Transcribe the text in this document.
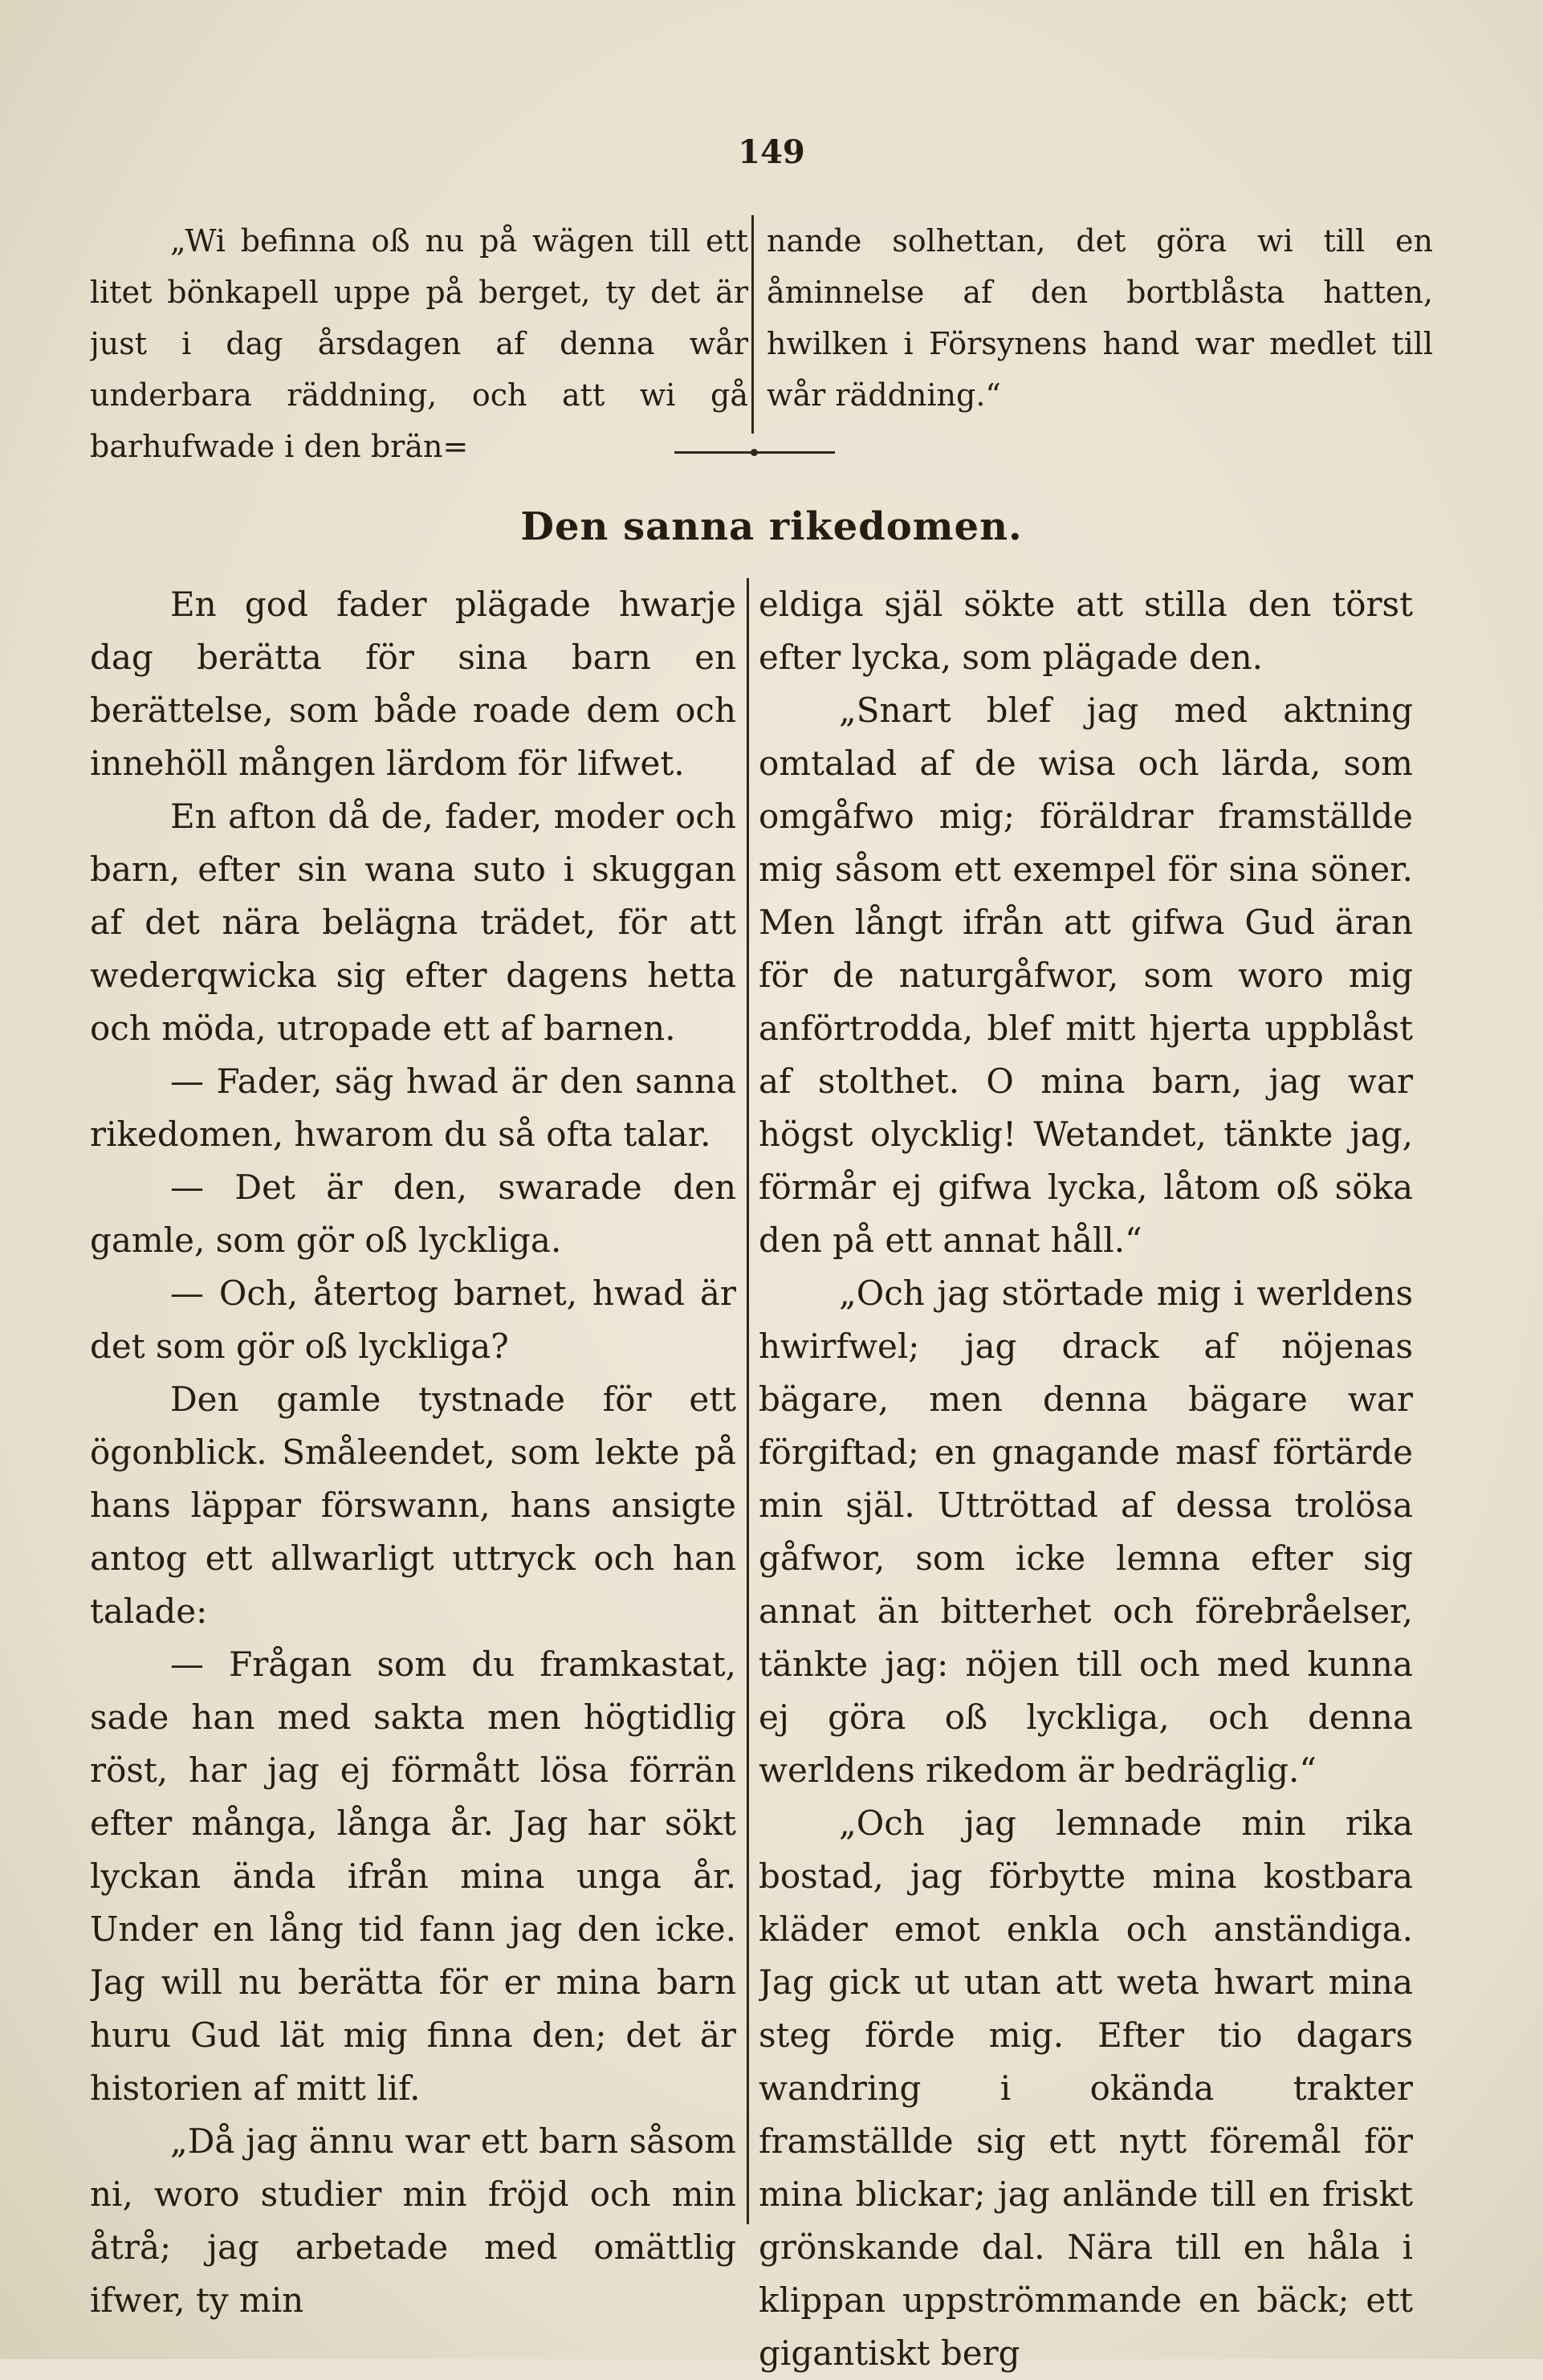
149

„Wi befinna oß nu på wägen till ett litet bönkapell uppe på berget, ty det är just i dag årsdagen af denna wår underbara räddning, och att wi gå barhufwade i den brän=

nande solhettan, det göra wi till en åminnelse af den bortblåsta hatten, hwilken i Försynens hand war medlet till wår räddning.“

Den sanna rikedomen.

En god fader plägade hwarje dag berätta för sina barn en berättelse, som både roade dem och innehöll mången lärdom för lifwet.

En afton då de, fader, moder och barn, efter sin wana suto i skuggan af det nära belägna trädet, för att wederqwicka sig efter dagens hetta och möda, utropade ett af barnen.

— Fader, säg hwad är den sanna rikedomen, hwarom du så ofta talar.

— Det är den, swarade den gamle, som gör oß lyckliga.

— Och, återtog barnet, hwad är det som gör oß lyckliga?

Den gamle tystnade för ett ögonblick. Småleendet, som lekte på hans läppar förswann, hans ansigte antog ett allwarligt uttryck och han talade:

— Frågan som du framkastat, sade han med sakta men högtidlig röst, har jag ej förmått lösa förrän efter många, långa år. Jag har sökt lyckan ända ifrån mina unga år. Under en lång tid fann jag den icke. Jag will nu berätta för er mina barn huru Gud lät mig finna den; det är historien af mitt lif.

„Då jag ännu war ett barn såsom ni, woro studier min fröjd och min åtrå; jag arbetade med omättlig ifwer, ty min

eldiga själ sökte att stilla den törst efter lycka, som plägade den.

„Snart blef jag med aktning omtalad af de wisa och lärda, som omgåfwo mig; föräldrar framställde mig såsom ett exempel för sina söner. Men långt ifrån att gifwa Gud äran för de naturgåfwor, som woro mig anförtrodda, blef mitt hjerta uppblåst af stolthet. O mina barn, jag war högst olycklig! Wetandet, tänkte jag, förmår ej gifwa lycka, låtom oß söka den på ett annat håll.“

„Och jag störtade mig i werldens hwirfwel; jag drack af nöjenas bägare, men denna bägare war förgiftad; en gnagande masf förtärde min själ. Uttröttad af dessa trolösa gåfwor, som icke lemna efter sig annat än bitterhet och förebråelser, tänkte jag: nöjen till och med kunna ej göra oß lyckliga, och denna werldens rikedom är bedräglig.“

„Och jag lemnade min rika bostad, jag förbytte mina kostbara kläder emot enkla och anständiga. Jag gick ut utan att weta hwart mina steg förde mig. Efter tio dagars wandring i okända trakter framställde sig ett nytt föremål för mina blickar; jag anlände till en friskt grönskande dal. Nära till en håla i klippan uppströmmande en bäck; ett gigantiskt berg
